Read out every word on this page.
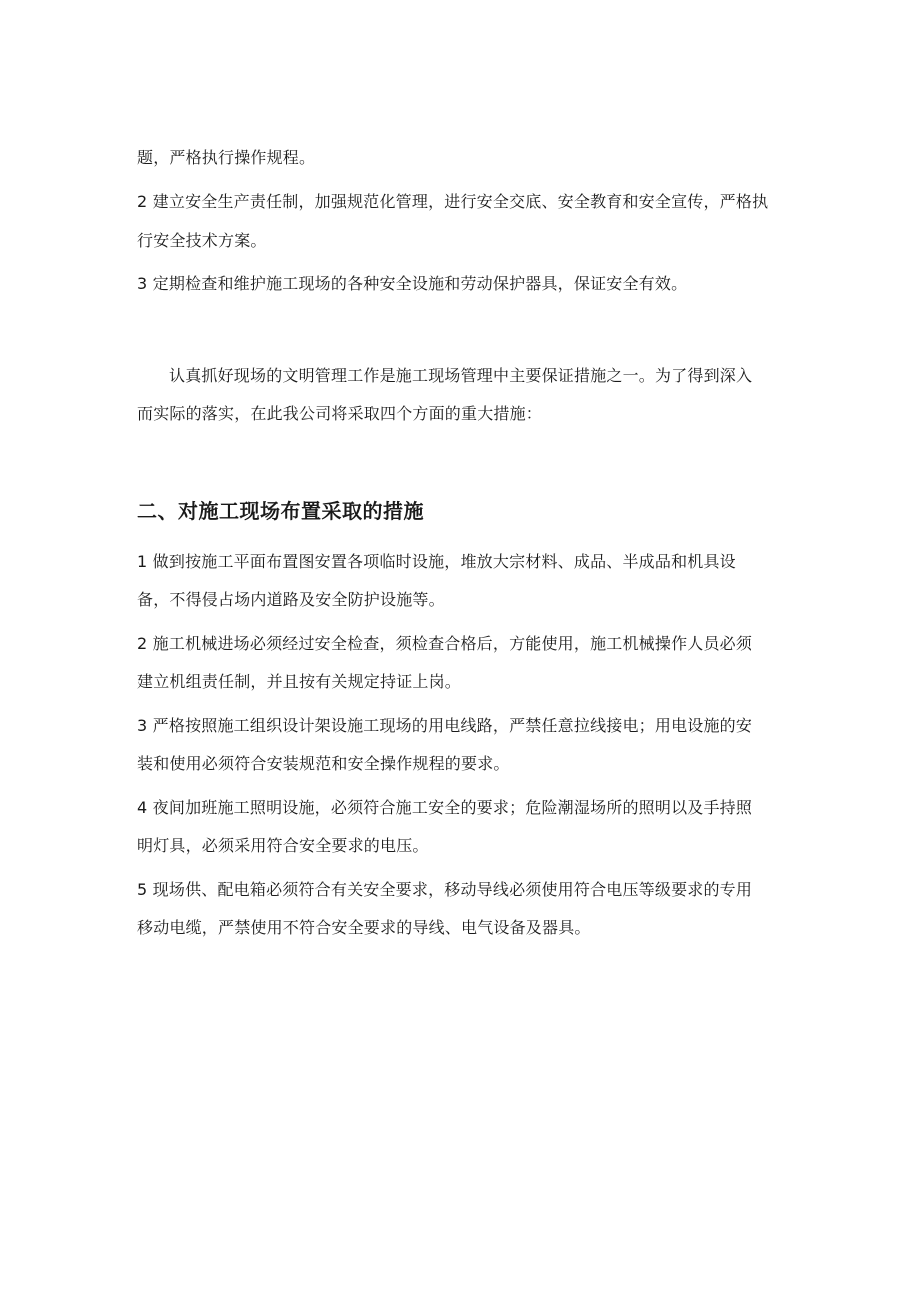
题，严格执行操作规程。
2 建立安全生产责任制，加强规范化管理，进行安全交底、安全教育和安全宣传，严格执
行安全技术方案。
3 定期检查和维护施工现场的各种安全设施和劳动保护器具，保证安全有效。
认真抓好现场的文明管理工作是施工现场管理中主要保证措施之一。为了得到深入
而实际的落实，在此我公司将采取四个方面的重大措施：
二、对施工现场布置采取的措施
1 做到按施工平面布置图安置各项临时设施，堆放大宗材料、成品、半成品和机具设
备，不得侵占场内道路及安全防护设施等。
2 施工机械进场必须经过安全检查，须检查合格后，方能使用，施工机械操作人员必须
建立机组责任制，并且按有关规定持证上岗。
3 严格按照施工组织设计架设施工现场的用电线路，严禁任意拉线接电；用电设施的安
装和使用必须符合安装规范和安全操作规程的要求。
4 夜间加班施工照明设施，必须符合施工安全的要求；危险潮湿场所的照明以及手持照
明灯具，必须采用符合安全要求的电压。
5 现场供、配电箱必须符合有关安全要求，移动导线必须使用符合电压等级要求的专用
移动电缆，严禁使用不符合安全要求的导线、电气设备及器具。
